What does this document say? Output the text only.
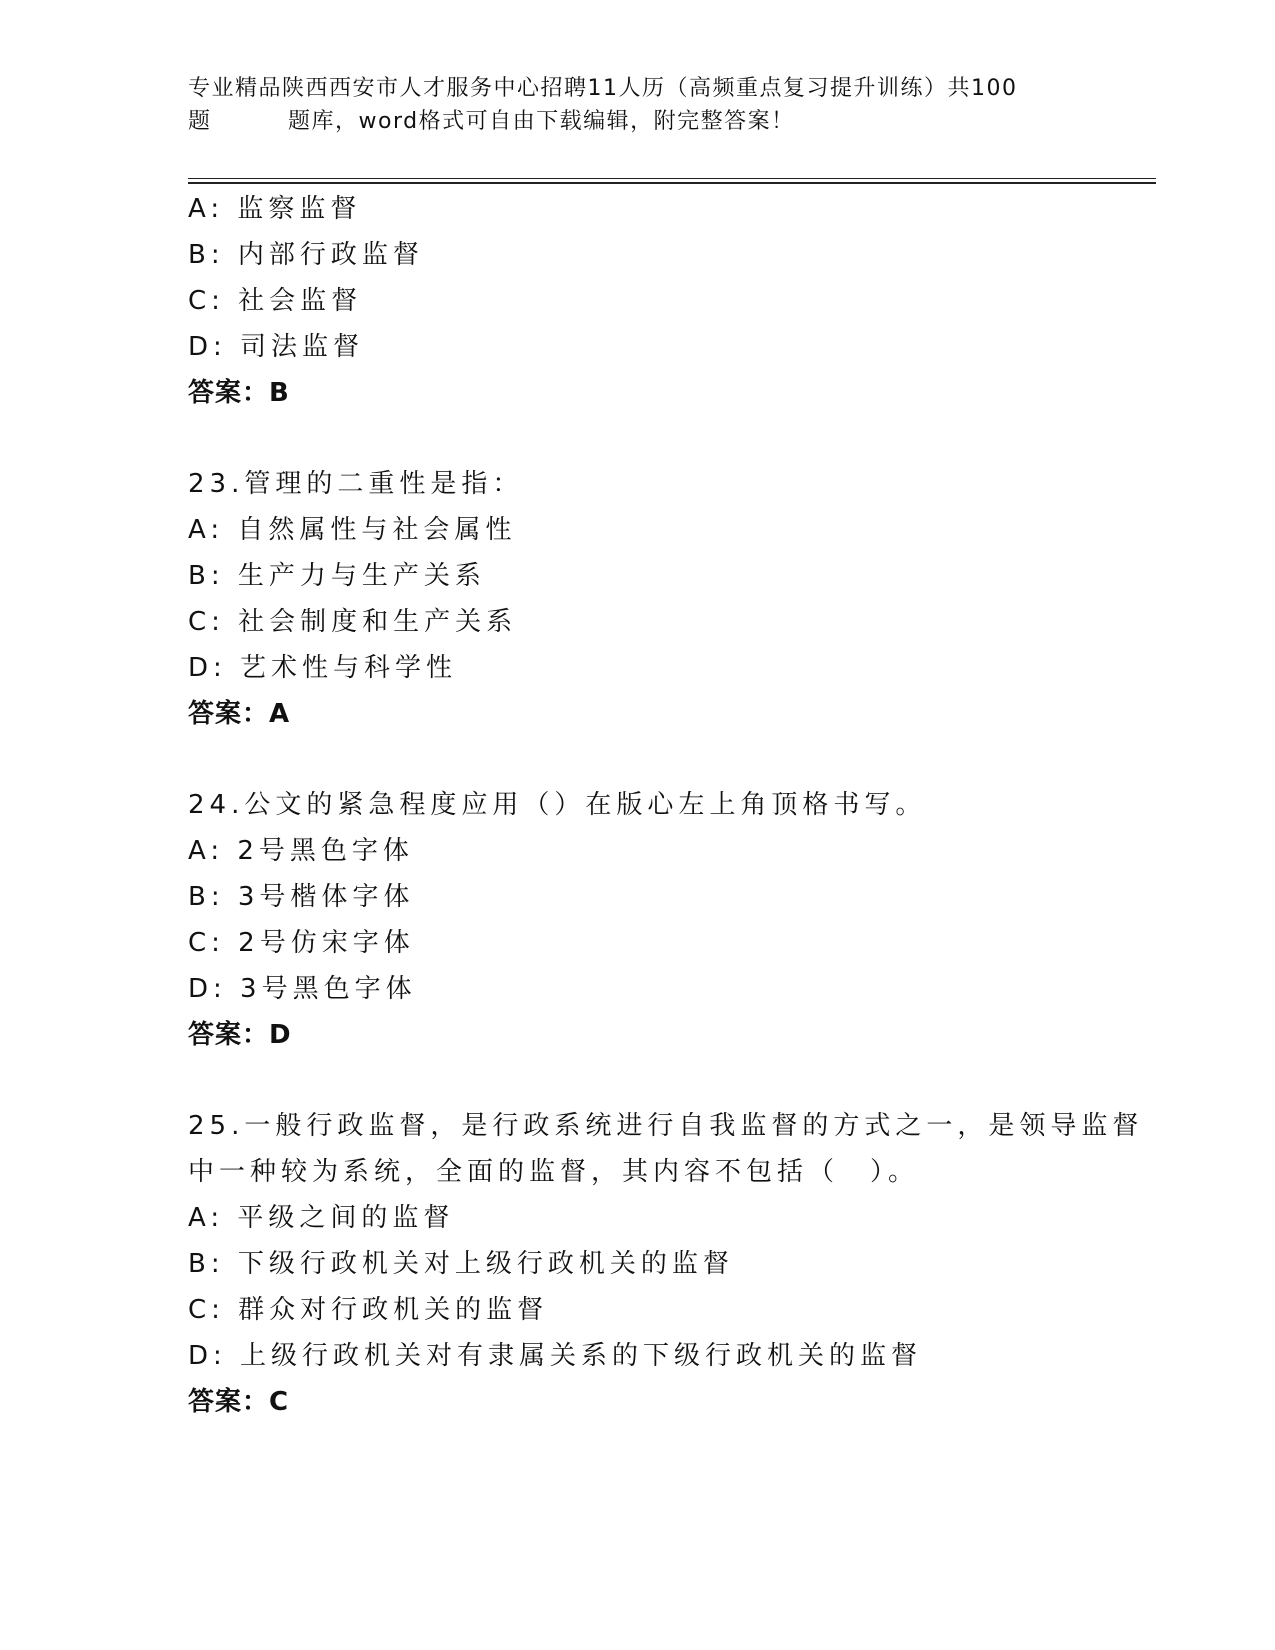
专业精品陕西西安市人才服务中心招聘11人历（高频重点复习提升训练）共100
题	题库，word格式可自由下载编辑，附完整答案！
A: 监察监督
B: 内部行政监督
C: 社会监督
D: 司法监督
答案：B
23.管理的二重性是指：
A: 自然属性与社会属性
B: 生产力与生产关系
C: 社会制度和生产关系
D: 艺术性与科学性
答案：A
24.公文的紧急程度应用（）在版心左上角顶格书写。
A: 2号黑色字体
B: 3号楷体字体
C: 2号仿宋字体
D: 3号黑色字体
答案：D
25.一般行政监督，是行政系统进行自我监督的方式之一，是领导监督
中一种较为系统，全面的监督，其内容不包括（　）。
A: 平级之间的监督
B: 下级行政机关对上级行政机关的监督
C: 群众对行政机关的监督
D: 上级行政机关对有隶属关系的下级行政机关的监督
答案：C
